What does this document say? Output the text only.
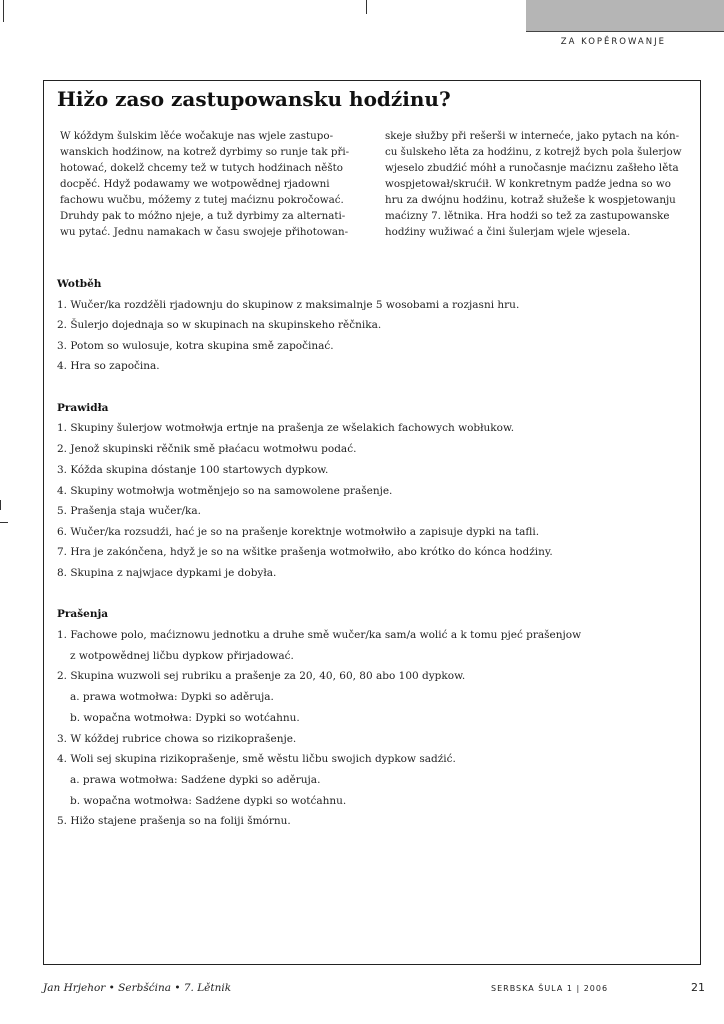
ZA KOPĚROWANJE
Hižo zaso zastupowansku hodźinu?
W kóždym šulskim lěće wočakuje nas wjele zastupo-
wanskich hodźinow, na kotrež dyrbimy so runje tak při-
hotować, dokelž chcemy tež w tutych hodźinach něšto
docpěć. Hdyž podawamy we wotpowědnej rjadowni
fachowu wučbu, móžemy z tutej maćiznu pokročować.
Druhdy pak to móžno njeje, a tuž dyrbimy za alternati-
wu pytać. Jednu namakach w času swojeje přihotowan-
skeje słužby při rešerši w interneće, jako pytach na kón-
cu šulskeho lěta za hodźinu, z kotrejž bych pola šulerjow
wjeselo zbudźić móhł a runočasnje maćiznu zašłeho lěta
wospjetował/skrućił. W konkretnym padźe jedna so wo
hru za dwójnu hodźinu, kotraž słužeše k wospjetowanju
maćizny 7. lětnika. Hra hodźi so tež za zastupowanske
hodźiny wužiwać a čini šulerjam wjele wjesela.
Wotběh

1. Wučer/ka rozdźěli rjadownju do skupinow z maksimalnje 5 wosobami a rozjasni hru.

2. Šulerjo dojednaja so w skupinach na skupinskeho rěčnika.

3. Potom so wulosuje, kotra skupina smě započinać.

4. Hra so započina.

Prawidła

1. Skupiny šulerjow wotmołwja ertnje na prašenja ze wšelakich fachowych wobłukow.

2. Jenož skupinski rěčnik smě płaćacu wotmołwu podać.

3. Kóžda skupina dóstanje 100 startowych dypkow.

4. Skupiny wotmołwja wotměnjejo so na samowolene prašenje.

5. Prašenja staja wučer/ka.

6. Wučer/ka rozsudźi, hać je so na prašenje korektnje wotmołwiło a zapisuje dypki na tafli.

7. Hra je zakónčena, hdyž je so na wšitke prašenja wotmołwiło, abo krótko do kónca hodźiny.

8. Skupina z najwjace dypkami je dobyła.

Prašenja

1. Fachowe polo, maćiznowu jednotku a druhe smě wučer/ka sam/a wolić a k tomu pjeć prašenjow

z wotpowědnej ličbu dypkow přirjadować.

2. Skupina wuzwoli sej rubriku a prašenje za 20, 40, 60, 80 abo 100 dypkow.

a. prawa wotmołwa: Dypki so aděruja.

b. wopačna wotmołwa: Dypki so wotćahnu.

3. W kóždej rubrice chowa so rizikoprašenje.

4. Woli sej skupina rizikoprašenje, smě wěstu ličbu swojich dypkow sadźić.

a. prawa wotmołwa: Sadźene dypki so aděruja.

b. wopačna wotmołwa: Sadźene dypki so wotćahnu.

5. Hižo stajene prašenja so na foliji šmórnu.

Jan Hrjehor • Serbšćina • 7. Lětnik	SERBSKA ŠULA 1 | 2006	21
